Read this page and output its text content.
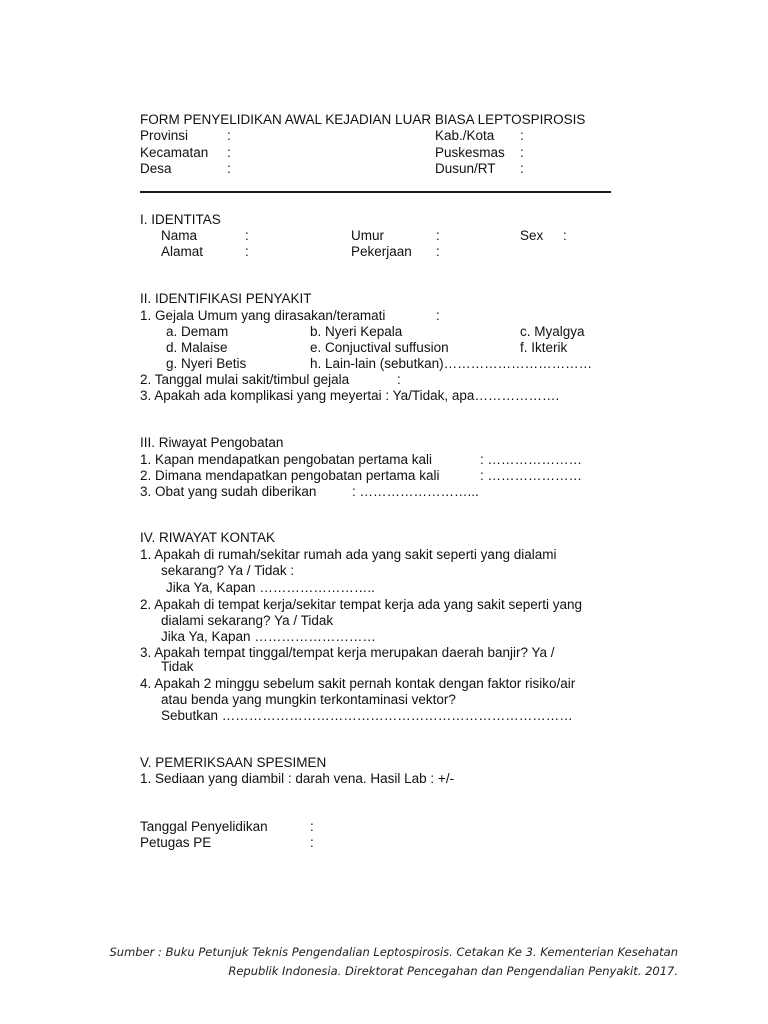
FORM PENYELIDIKAN AWAL KEJADIAN LUAR BIASA LEPTOSPIROSIS
Provinsi	:	Kab./Kota :
Kecamatan :	Puskesmas :
Desa	:	Dusun/RT :
I. IDENTITAS
Nama	:	Umur	:	Sex :
Alamat	:	Pekerjaan :
II. IDENTIFIKASI PENYAKIT
1. Gejala Umum yang dirasakan/teramati	:
a. Demam	b. Nyeri Kepala	c. Myalgya
d. Malaise	e. Conjuctival suffusion	f. Ikterik
g. Nyeri Betis	h. Lain-lain (sebutkan)……………………………
2. Tanggal mulai sakit/timbul gejala	:
3. Apakah ada komplikasi yang meyertai : Ya/Tidak, apa……………….
III. Riwayat Pengobatan
1. Kapan mendapatkan pengobatan pertama kali	: …………………
2. Dimana mendapatkan pengobatan pertama kali	: …………………
3. Obat yang sudah diberikan	: ……………………...
IV. RIWAYAT KONTAK
1. Apakah di rumah/sekitar rumah ada yang sakit seperti yang dialami
sekarang? Ya / Tidak :
Jika Ya, Kapan ……………………..
2. Apakah di tempat kerja/sekitar tempat kerja ada yang sakit seperti yang
dialami sekarang? Ya / Tidak
Jika Ya, Kapan ………………………
3. Apakah tempat tinggal/tempat kerja merupakan daerah banjir? Ya /
Tidak
4. Apakah 2 minggu sebelum sakit pernah kontak dengan faktor risiko/air
atau benda yang mungkin terkontaminasi vektor?
Sebutkan ……………………………………………………………………
V. PEMERIKSAAN SPESIMEN
1. Sediaan yang diambil : darah vena. Hasil Lab : +/-
Tanggal Penyelidikan	:
Petugas PE	:
Sumber : Buku Petunjuk Teknis Pengendalian Leptospirosis. Cetakan Ke 3. Kementerian Kesehatan
Republik Indonesia. Direktorat Pencegahan dan Pengendalian Penyakit. 2017.
